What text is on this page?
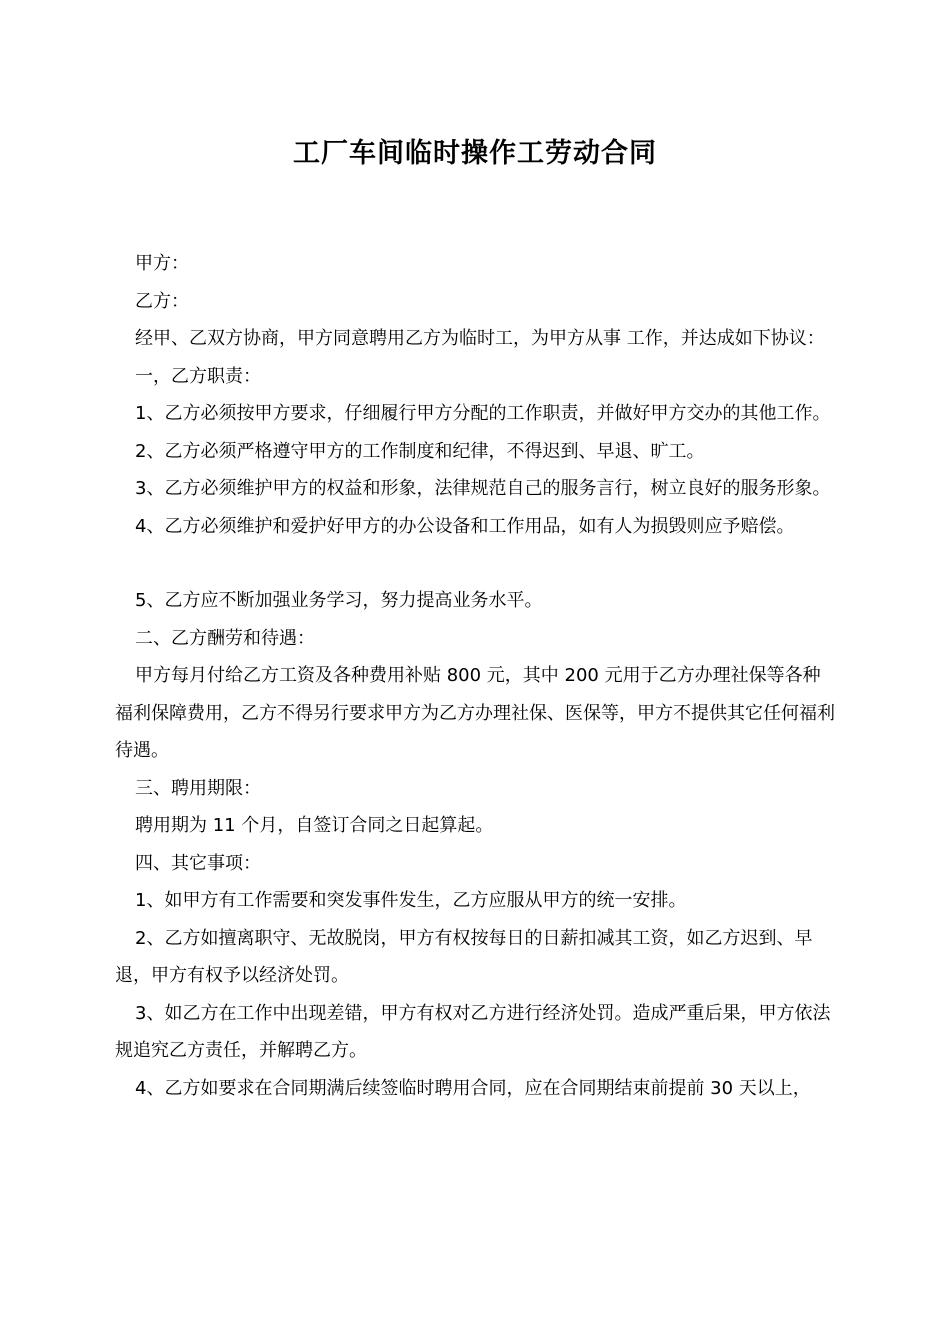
工厂车间临时操作工劳动合同

甲方：

乙方：

经甲、乙双方协商，甲方同意聘用乙方为临时工，为甲方从事 工作，并达成如下协议：

一，乙方职责：

1、乙方必须按甲方要求，仔细履行甲方分配的工作职责，并做好甲方交办的其他工作。

2、乙方必须严格遵守甲方的工作制度和纪律，不得迟到、早退、旷工。

3、乙方必须维护甲方的权益和形象，法律规范自己的服务言行，树立良好的服务形象。

4、乙方必须维护和爱护好甲方的办公设备和工作用品，如有人为损毁则应予赔偿。

5、乙方应不断加强业务学习，努力提高业务水平。

二、乙方酬劳和待遇：

甲方每月付给乙方工资及各种费用补贴 800 元，其中 200 元用于乙方办理社保等各种福利保障费用，乙方不得另行要求甲方为乙方办理社保、医保等，甲方不提供其它任何福利待遇。

三、聘用期限：

聘用期为 11 个月，自签订合同之日起算起。

四、其它事项：

1、如甲方有工作需要和突发事件发生，乙方应服从甲方的统一安排。

2、乙方如擅离职守、无故脱岗，甲方有权按每日的日薪扣减其工资，如乙方迟到、早退，甲方有权予以经济处罚。

3、如乙方在工作中出现差错，甲方有权对乙方进行经济处罚。造成严重后果，甲方依法规追究乙方责任，并解聘乙方。

4、乙方如要求在合同期满后续签临时聘用合同，应在合同期结束前提前 30 天以上，
